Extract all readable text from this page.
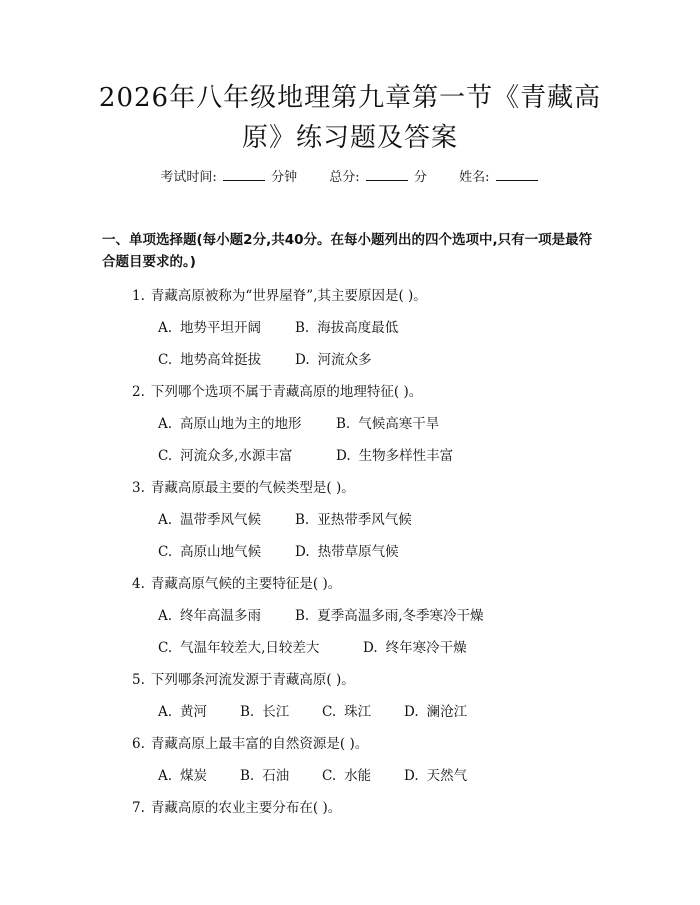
2026年八年级地理第九章第一节《青藏高
原》练习题及答案
考试时间:	分钟 总分:	分 姓名:
一、单项选择题(每小题2分,共40分。在每小题列出的四个选项中,只有一项是最符合题目要求的。)
1. 青藏高原被称为“世界屋脊”,其主要原因是( )。
A. 地势平坦开阔	B. 海拔高度最低
C. 地势高耸挺拔	D. 河流众多
2. 下列哪个选项不属于青藏高原的地理特征( )。
A. 高原山地为主的地形	B. 气候高寒干旱
C. 河流众多,水源丰富	D. 生物多样性丰富
3. 青藏高原最主要的气候类型是( )。
A. 温带季风气候	B. 亚热带季风气候
C. 高原山地气候	D. 热带草原气候
4. 青藏高原气候的主要特征是( )。
A. 终年高温多雨	B. 夏季高温多雨,冬季寒冷干燥
C. 气温年较差大,日较差大	D. 终年寒冷干燥
5. 下列哪条河流发源于青藏高原( )。
A. 黄河 B. 长江 C. 珠江 D. 澜沧江
6. 青藏高原上最丰富的自然资源是( )。
A. 煤炭 B. 石油 C. 水能 D. 天然气
7. 青藏高原的农业主要分布在( )。
